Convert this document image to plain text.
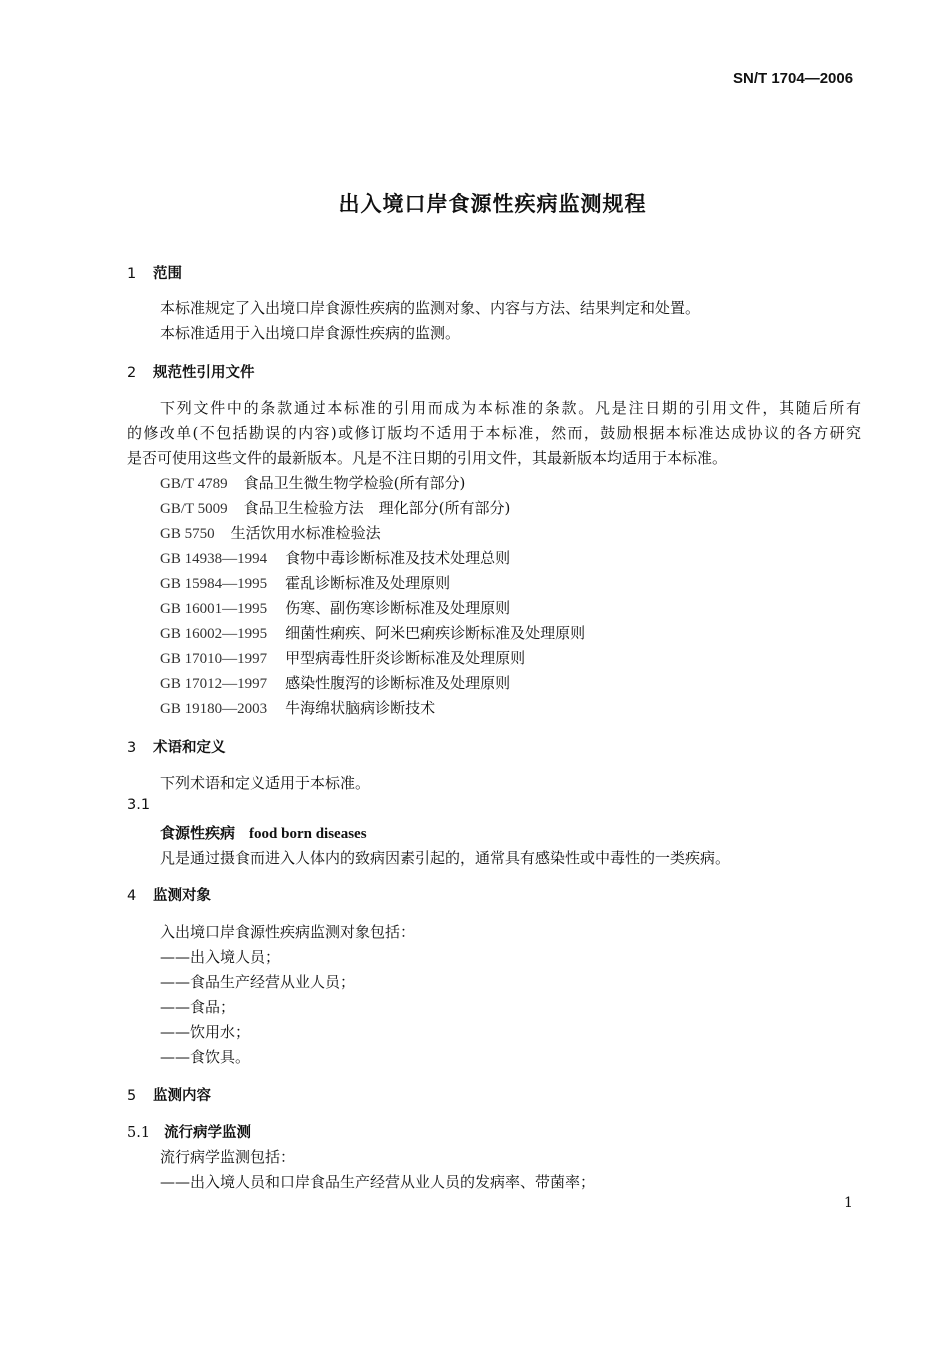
SN/T 1704—2006
出入境口岸食源性疾病监测规程
1 范围
本标准规定了入出境口岸食源性疾病的监测对象、内容与方法、结果判定和处置。
本标准适用于入出境口岸食源性疾病的监测。
2 规范性引用文件
下列文件中的条款通过本标准的引用而成为本标准的条款。凡是注日期的引用文件，其随后所有
的修改单(不包括勘误的内容)或修订版均不适用于本标准，然而，鼓励根据本标准达成协议的各方研究
是否可使用这些文件的最新版本。凡是不注日期的引用文件，其最新版本均适用于本标准。
GB/T 4789 食品卫生微生物学检验(所有部分)
GB/T 5009 食品卫生检验方法　理化部分(所有部分)
GB 5750 生活饮用水标准检验法
GB 14938—1994 食物中毒诊断标准及技术处理总则
GB 15984—1995 霍乱诊断标准及处理原则
GB 16001—1995 伤寒、副伤寒诊断标准及处理原则
GB 16002—1995 细菌性痢疾、阿米巴痢疾诊断标准及处理原则
GB 17010—1997 甲型病毒性肝炎诊断标准及处理原则
GB 17012—1997 感染性腹泻的诊断标准及处理原则
GB 19180—2003 牛海绵状脑病诊断技术
3 术语和定义
下列术语和定义适用于本标准。
3.1
食源性疾病 food born diseases
凡是通过摄食而进入人体内的致病因素引起的，通常具有感染性或中毒性的一类疾病。
4 监测对象
入出境口岸食源性疾病监测对象包括：
——出入境人员；
——食品生产经营从业人员；
——食品；
——饮用水；
——食饮具。
5 监测内容
5.1 流行病学监测
流行病学监测包括：
——出入境人员和口岸食品生产经营从业人员的发病率、带菌率；
1
